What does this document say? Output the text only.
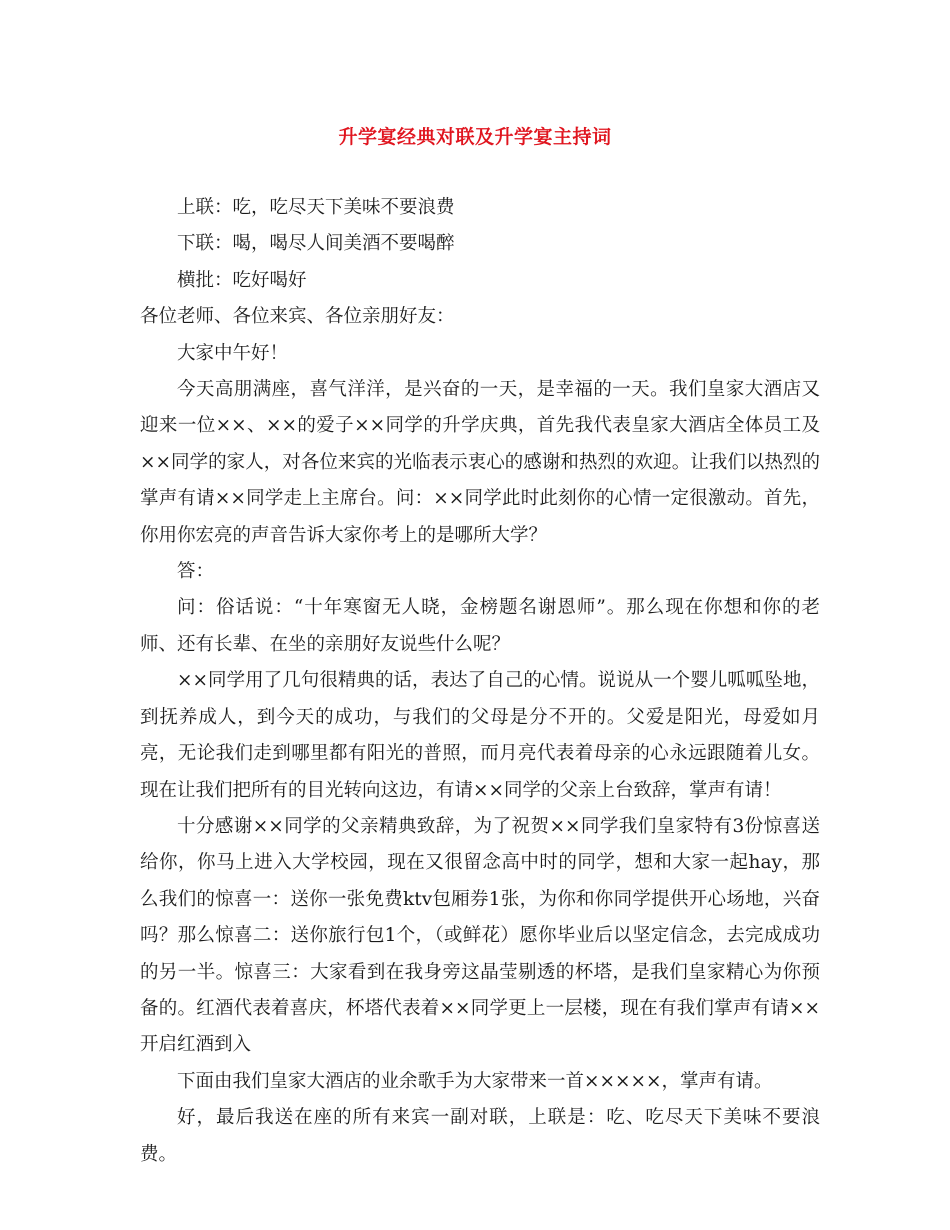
升学宴经典对联及升学宴主持词

上联：吃，吃尽天下美味不要浪费

下联：喝，喝尽人间美酒不要喝醉

横批：吃好喝好

各位老师、各位来宾、各位亲朋好友：

大家中午好！

今天高朋满座，喜气洋洋，是兴奋的一天，是幸福的一天。我们皇家大酒店又迎来一位××、××的爱子××同学的升学庆典，首先我代表皇家大酒店全体员工及××同学的家人，对各位来宾的光临表示衷心的感谢和热烈的欢迎。让我们以热烈的掌声有请××同学走上主席台。问：××同学此时此刻你的心情一定很激动。首先，你用你宏亮的声音告诉大家你考上的是哪所大学？

答：

问：俗话说：“十年寒窗无人晓，金榜题名谢恩师”。那么现在你想和你的老师、还有长辈、在坐的亲朋好友说些什么呢？

××同学用了几句很精典的话，表达了自己的心情。说说从一个婴儿呱呱坠地，到抚养成人，到今天的成功，与我们的父母是分不开的。父爱是阳光，母爱如月亮，无论我们走到哪里都有阳光的普照，而月亮代表着母亲的心永远跟随着儿女。现在让我们把所有的目光转向这边，有请××同学的父亲上台致辞，掌声有请！

十分感谢××同学的父亲精典致辞，为了祝贺××同学我们皇家特有3份惊喜送给你，你马上进入大学校园，现在又很留念高中时的同学，想和大家一起hay，那么我们的惊喜一：送你一张免费ktv包厢券1张，为你和你同学提供开心场地，兴奋吗？那么惊喜二：送你旅行包1个，（或鲜花）愿你毕业后以坚定信念，去完成成功的另一半。惊喜三：大家看到在我身旁这晶莹剔透的杯塔，是我们皇家精心为你预备的。红酒代表着喜庆，杯塔代表着××同学更上一层楼，现在有我们掌声有请××开启红酒到入

下面由我们皇家大酒店的业余歌手为大家带来一首×××××，掌声有请。

好，最后我送在座的所有来宾一副对联，上联是：吃、吃尽天下美味不要浪费。
